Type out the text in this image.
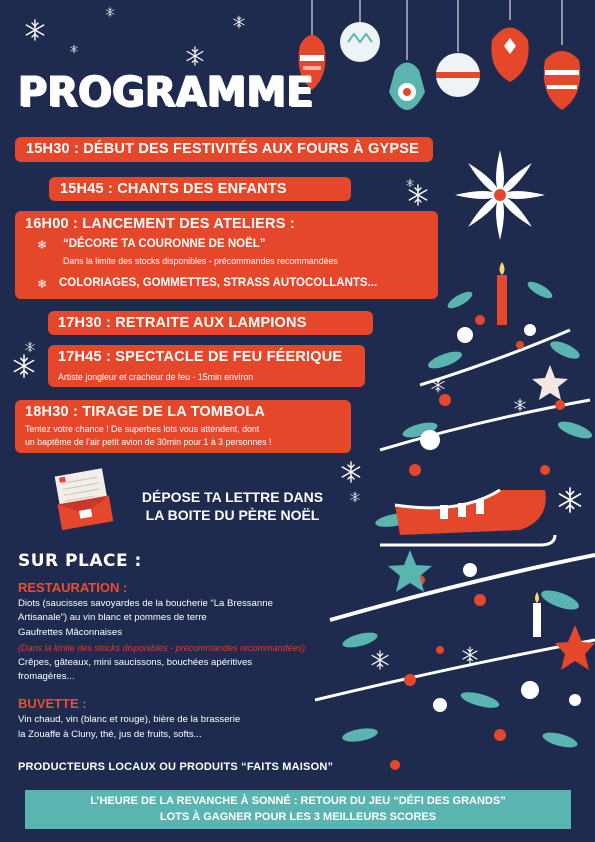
PROGRAMME
15H30 : DÉBUT DES FESTIVITÉS AUX FOURS À GYPSE
15H45 : CHANTS DES ENFANTS
16H00 : LANCEMENT DES ATELIERS :
❄ “DÉCORE TA COURONNE DE NOËL”
Dans la limite des stocks disponibles - précommandes recommandées
❄ COLORIAGES, GOMMETTES, STRASS AUTOCOLLANTS...
17H30 : RETRAITE AUX LAMPIONS
17H45 : SPECTACLE DE FEU FÉERIQUE
Artiste jongleur et cracheur de feu - 15min environ
18H30 : TIRAGE DE LA TOMBOLA
Tentez votre chance ! De superbes lots vous attendent, dont
un baptême de l’air petit avion de 30min pour 1 à 3 personnes !
DÉPOSE TA LETTRE DANS
LA BOITE DU PÈRE NOËL
SUR PLACE :
RESTAURATION :
Diots (saucisses savoyardes de la boucherie “La Bressanne
Artisanale”) au vin blanc et pommes de terre
Gaufrettes Mâconnaises
(Dans la limite des stocks disponibles - précommandes recommandées)
Crêpes, gâteaux, mini saucissons, bouchées apéritives
fromagères...
BUVETTE :
Vin chaud, vin (blanc et rouge), bière de la brasserie
la Zouaffe à Cluny, thé, jus de fruits, softs...
PRODUCTEURS LOCAUX OU PRODUITS “FAITS MAISON”
L’HEURE DE LA REVANCHE À SONNÉ : RETOUR DU JEU “DÉFI DES GRANDS”
LOTS À GAGNER POUR LES 3 MEILLEURS SCORES
